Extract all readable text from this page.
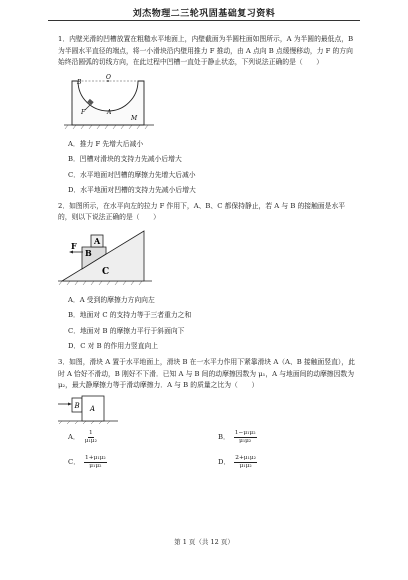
刘杰物理二三轮巩固基础复习资料

1．内壁光滑的凹槽放置在粗糙水平地面上，内壁截面为半圆柱面如图所示，A 为半圆的最低点，B 为半圆水平直径的端点，将一小滑块沿内壁用推力 F 推动，由 A 点向 B 点缓慢移动，力 F 的方向始终沿圆弧的切线方向，在此过程中凹槽一直处于静止状态，下列说法正确的是（　　）

B
O
F	A
M

A．推力 F 先增大后减小

B．凹槽对滑块的支持力先减小后增大

C．水平地面对凹槽的摩擦力先增大后减小

D．水平地面对凹槽的支持力先减小后增大

2．如图所示，在水平向左的拉力 F 作用下，A、B、C 都保持静止，若 A 与 B 的接触面是水平的，则以下说法正确的是（　　）

F A
B
C

A．A 受到的摩擦力方向向左

B．地面对 C 的支持力等于三者重力之和

C．地面对 B 的摩擦力平行于斜面向下

D．C 对 B 的作用力竖直向上

3．如图，滑块 A 置于水平地面上，滑块 B 在一水平力作用下紧靠滑块 A（A、B 接触面竖直），此时 A 恰好不滑动，B 刚好不下滑．已知 A 与 B 间的动摩擦因数为 μ₁，A 与地面间的动摩擦因数为 μ₂，最大静摩擦力等于滑动摩擦力．A 与 B 的质量之比为（　　）

B A
A． $\frac{1}{\text{μ₁μ₂}}$	B． $\frac{\text{1−μ₁μ₂}}{\text{μ₁μ₂}}$
C． $\frac{\text{1+μ₁μ₂}}{\text{μ₁μ₂}}$	D． $\frac{\text{2+μ₁μ₂}}{\text{μ₁μ₂}}$
第 1 页（共 12 页）
